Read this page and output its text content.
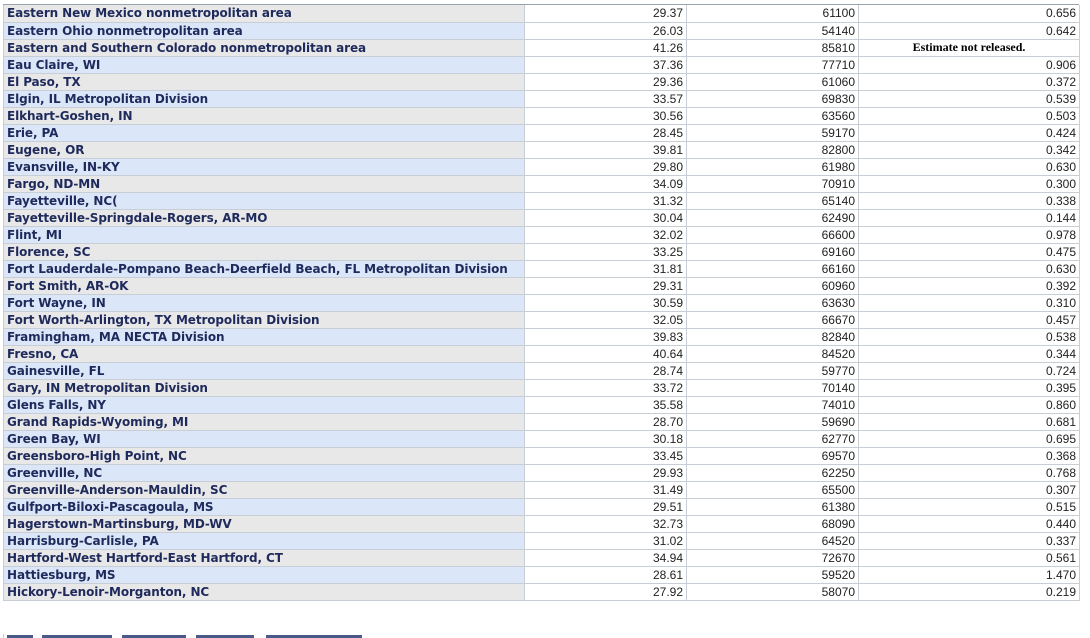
Eastern New Mexico nonmetropolitan area	29.37	61100	0.656
Eastern Ohio nonmetropolitan area	26.03	54140	0.642
Eastern and Southern Colorado nonmetropolitan area	41.26	85810	Estimate not released.
Eau Claire, WI	37.36	77710	0.906
El Paso, TX	29.36	61060	0.372
Elgin, IL Metropolitan Division	33.57	69830	0.539
Elkhart-Goshen, IN	30.56	63560	0.503
Erie, PA	28.45	59170	0.424
Eugene, OR	39.81	82800	0.342
Evansville, IN-KY	29.80	61980	0.630
Fargo, ND-MN	34.09	70910	0.300
Fayetteville, NC(	31.32	65140	0.338
Fayetteville-Springdale-Rogers, AR-MO	30.04	62490	0.144
Flint, MI	32.02	66600	0.978
Florence, SC	33.25	69160	0.475
Fort Lauderdale-Pompano Beach-Deerfield Beach, FL Metropolitan Division	31.81	66160	0.630
Fort Smith, AR-OK	29.31	60960	0.392
Fort Wayne, IN	30.59	63630	0.310
Fort Worth-Arlington, TX Metropolitan Division	32.05	66670	0.457
Framingham, MA NECTA Division	39.83	82840	0.538
Fresno, CA	40.64	84520	0.344
Gainesville, FL	28.74	59770	0.724
Gary, IN Metropolitan Division	33.72	70140	0.395
Glens Falls, NY	35.58	74010	0.860
Grand Rapids-Wyoming, MI	28.70	59690	0.681
Green Bay, WI	30.18	62770	0.695
Greensboro-High Point, NC	33.45	69570	0.368
Greenville, NC	29.93	62250	0.768
Greenville-Anderson-Mauldin, SC	31.49	65500	0.307
Gulfport-Biloxi-Pascagoula, MS	29.51	61380	0.515
Hagerstown-Martinsburg, MD-WV	32.73	68090	0.440
Harrisburg-Carlisle, PA	31.02	64520	0.337
Hartford-West Hartford-East Hartford, CT	34.94	72670	0.561
Hattiesburg, MS	28.61	59520	1.470
Hickory-Lenoir-Morganton, NC	27.92	58070	0.219
